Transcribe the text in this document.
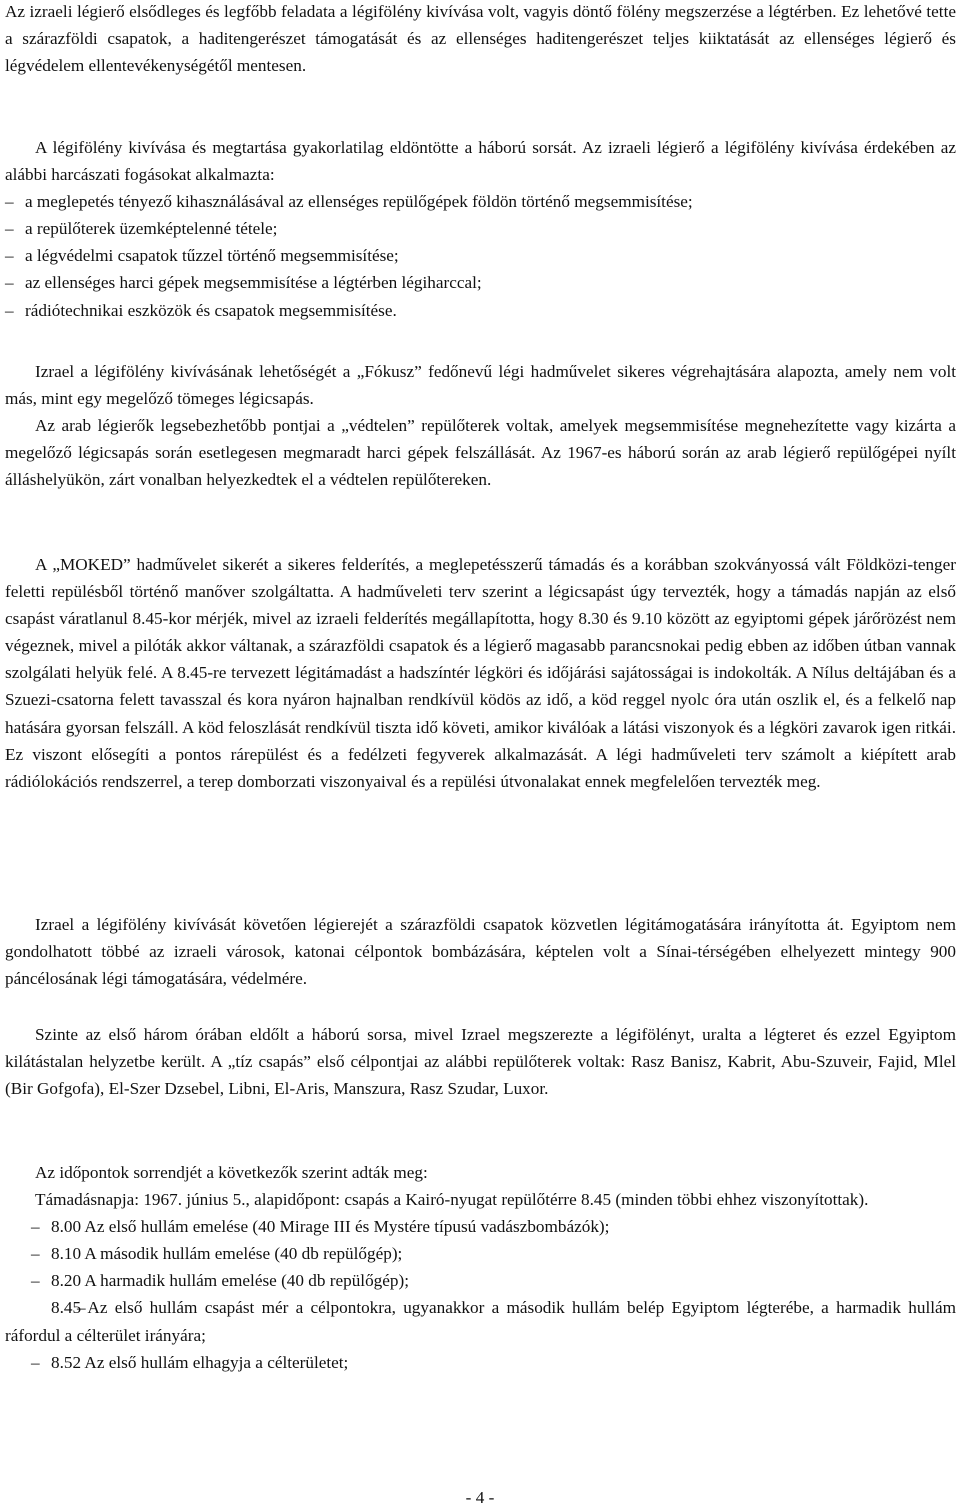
Az izraeli légierő elsődleges és legfőbb feladata a légifölény kivívása volt, vagyis döntő fölény megszerzése a légtérben. Ez lehetővé tette a szárazföldi csapatok, a haditengerészet támogatását és az ellenséges haditengerészet teljes kiiktatását az ellenséges légierő és légvédelem ellentevékenységétől mentesen.

A légifölény kivívása és megtartása gyakorlatilag eldöntötte a háború sorsát. Az izraeli légierő a légifölény kivívása érdekében az alábbi harcászati fogásokat alkalmazta:

– a meglepetés tényező kihasználásával az ellenséges repülőgépek földön történő megsemmisítése;
– a repülőterek üzemképtelenné tétele;
– a légvédelmi csapatok tűzzel történő megsemmisítése;
– az ellenséges harci gépek megsemmisítése a légtérben légiharccal;
– rádiótechnikai eszközök és csapatok megsemmisítése.

Izrael a légifölény kivívásának lehetőségét a „Fókusz” fedőnevű légi hadművelet sikeres végrehajtására alapozta, amely nem volt más, mint egy megelőző tömeges légicsapás.

Az arab légierők legsebezhetőbb pontjai a „védtelen” repülőterek voltak, amelyek megsemmisítése megnehezítette vagy kizárta a megelőző légicsapás során esetlegesen megmaradt harci gépek felszállását. Az 1967-es háború során az arab légierő repülőgépei nyílt álláshelyükön, zárt vonalban helyezkedtek el a védtelen repülőtereken.

A „MOKED” hadművelet sikerét a sikeres felderítés, a meglepetésszerű támadás és a korábban szokványossá vált Földközi-tenger feletti repülésből történő manőver szolgáltatta. A hadműveleti terv szerint a légicsapást úgy tervezték, hogy a támadás napján az első csapást váratlanul 8.45-kor mérjék, mivel az izraeli felderítés megállapította, hogy 8.30 és 9.10 között az egyiptomi gépek járőrözést nem végeznek, mivel a pilóták akkor váltanak, a szárazföldi csapatok és a légierő magasabb parancsnokai pedig ebben az időben útban vannak szolgálati helyük felé. A 8.45-re tervezett légitámadást a hadszíntér légköri és időjárási sajátosságai is indokolták. A Nílus deltájában és a Szuezi-csatorna felett tavasszal és kora nyáron hajnalban rendkívül ködös az idő, a köd reggel nyolc óra után oszlik el, és a felkelő nap hatására gyorsan felszáll. A köd feloszlását rendkívül tiszta idő követi, amikor kiválóak a látási viszonyok és a légköri zavarok igen ritkái. Ez viszont elősegíti a pontos rárepülést és a fedélzeti fegyverek alkalmazását. A légi hadműveleti terv számolt a kiépített arab rádiólokációs rendszerrel, a terep domborzati viszonyaival és a repülési útvonalakat ennek megfelelően tervezték meg.

Izrael a légifölény kivívását követően légierejét a szárazföldi csapatok közvetlen légitámogatására irányította át. Egyiptom nem gondolhatott többé az izraeli városok, katonai célpontok bombázására, képtelen volt a Sínai-térségében elhelyezett mintegy 900 páncélosának légi támogatására, védelmére.

Szinte az első három órában eldőlt a háború sorsa, mivel Izrael megszerezte a légifölényt, uralta a légteret és ezzel Egyiptom kilátástalan helyzetbe került. A „tíz csapás” első célpontjai az alábbi repülőterek voltak: Rasz Banisz, Kabrit, Abu-Szuveir, Fajid, Mlel (Bir Gofgofa), El-Szer Dzsebel, Libni, El-Aris, Manszura, Rasz Szudar, Luxor.

Az időpontok sorrendjét a következők szerint adták meg:

Támadásnapja: 1967. június 5., alapidőpont: csapás a Kairó-nyugat repülőtérre 8.45 (minden többi ehhez viszonyítottak).

– 8.00 Az első hullám emelése (40 Mirage III és Mystére típusú vadászbombázók);
– 8.10 A második hullám emelése (40 db repülőgép);
– 8.20 A harmadik hullám emelése (40 db repülőgép);
– 8.45 Az első hullám csapást mér a célpontokra, ugyanakkor a második hullám belép Egyiptom légterébe, a harmadik hullám ráfordul a célterület irányára;
– 8.52 Az első hullám elhagyja a célterületet;
- 4 -
